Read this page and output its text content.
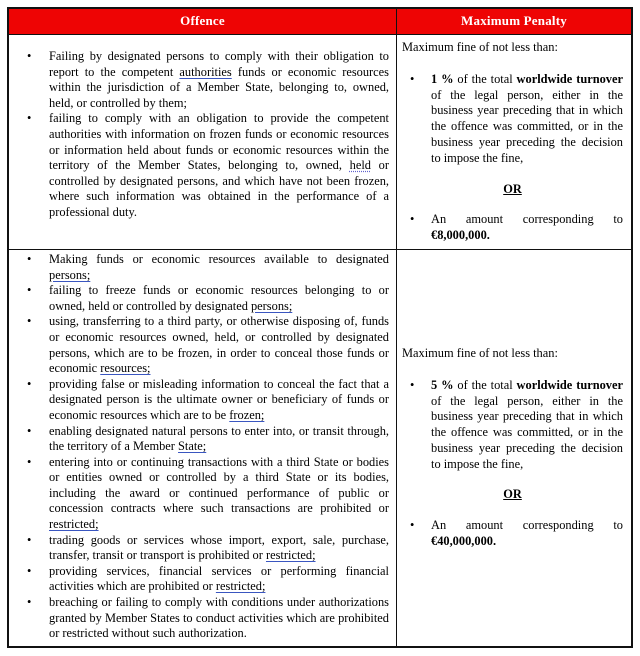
Offence	Maximum Penalty
• Failing by designated persons to comply with their obligation to report to the competent authorities funds or economic resources within the jurisdiction of a Member State, belonging to, owned, held, or controlled by them;
• failing to comply with an obligation to provide the competent authorities with information on frozen funds or economic resources or information held about funds or economic resources within the territory of the Member States, belonging to, owned, held or controlled by designated persons, and which have not been frozen, where such information was obtained in the performance of a professional duty.

Maximum fine of not less than:

• 1 % of the total worldwide turnover of the legal person, either in the business year preceding that in which the offence was committed, or in the business year preceding the decision to impose the fine,

OR

• An amount corresponding to €8,000,000.
• Making funds or economic resources available to designated persons;
• failing to freeze funds or economic resources belonging to or owned, held or controlled by designated persons;
• using, transferring to a third party, or otherwise disposing of, funds or economic resources owned, held, or controlled by designated persons, which are to be frozen, in order to conceal those funds or economic resources;
• providing false or misleading information to conceal the fact that a designated person is the ultimate owner or beneficiary of funds or economic resources which are to be frozen;
• enabling designated natural persons to enter into, or transit through, the territory of a Member State;
• entering into or continuing transactions with a third State or bodies or entities owned or controlled by a third State or its bodies, including the award or continued performance of public or concession contracts where such transactions are prohibited or restricted;
• trading goods or services whose import, export, sale, purchase, transfer, transit or transport is prohibited or restricted;
• providing services, financial services or performing financial activities which are prohibited or restricted;
• breaching or failing to comply with conditions under authorizations granted by Member States to conduct activities which are prohibited or restricted without such authorization.

Maximum fine of not less than:

• 5 % of the total worldwide turnover of the legal person, either in the business year preceding that in which the offence was committed, or in the business year preceding the decision to impose the fine,

OR

• An amount corresponding to €40,000,000.
